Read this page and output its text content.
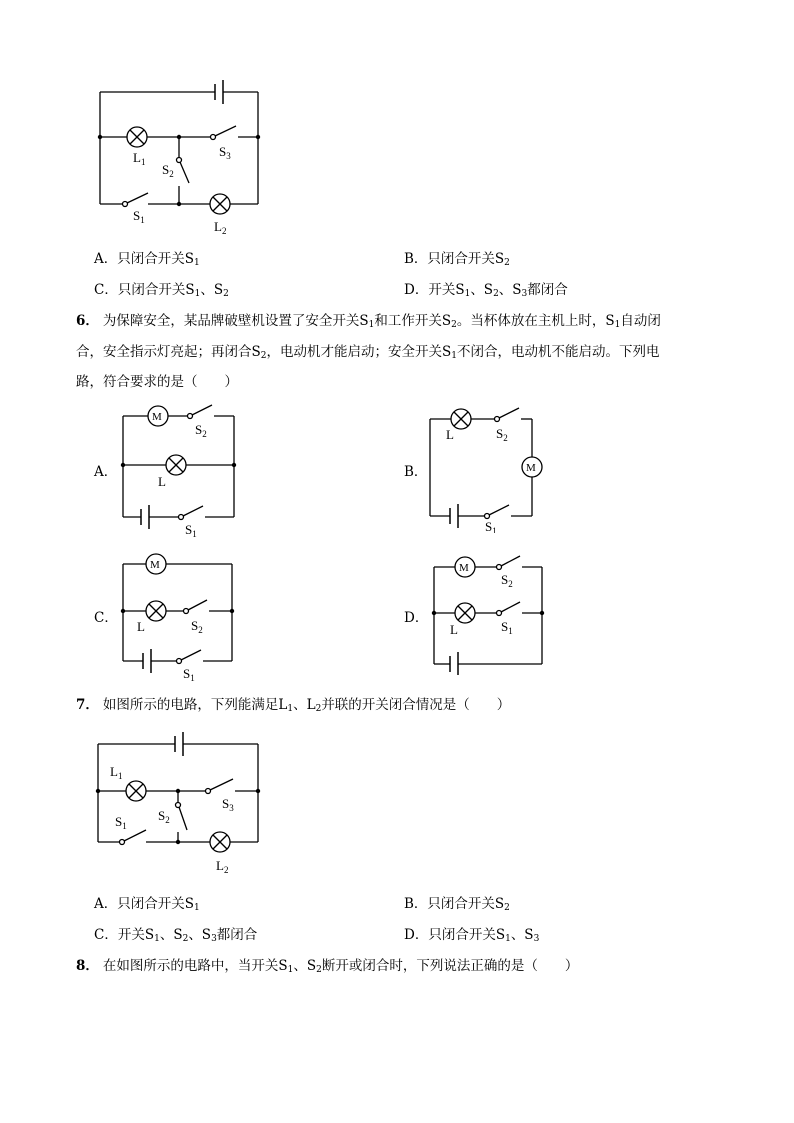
$L_1$
$S_3$
$S_2$
$S_1$	$L_2$
A．只闭合开关$S_1$	B．只闭合开关$S_2$
C．只闭合开关$S_1$、$S_2$	D．开关$S_1$、$S_2$、$S_3$都闭合
6． 为保障安全，某品牌破壁机设置了安全开关$S_1$和工作开关$S_2$。当杯体放在主机上时，$S_1$自动闭
合，安全指示灯亮起；再闭合$S_2$，电动机才能启动；安全开关$S_1$不闭合，电动机不能启动。下列电
路，符合要求的是（　　）
A．
M
$S_2$
L
$S_1$
B．
L	$S_2$
M
$S_1$
C．
M
L	$S_2$
$S_1$
D．
M
$S_2$
L	$S_1$
7． 如图所示的电路，下列能满足$L_1$、$L_2$并联的开关闭合情况是（　　）
$L_1$
$S_3$
$S_2$
$S_1$
$L_2$
A．只闭合开关$S_1$	B．只闭合开关$S_2$
C．开关$S_1$、$S_2$、$S_3$都闭合	D．只闭合开关$S_1$、$S_3$
8． 在如图所示的电路中，当开关$S_1$、$S_2$断开或闭合时，下列说法正确的是（　　）
